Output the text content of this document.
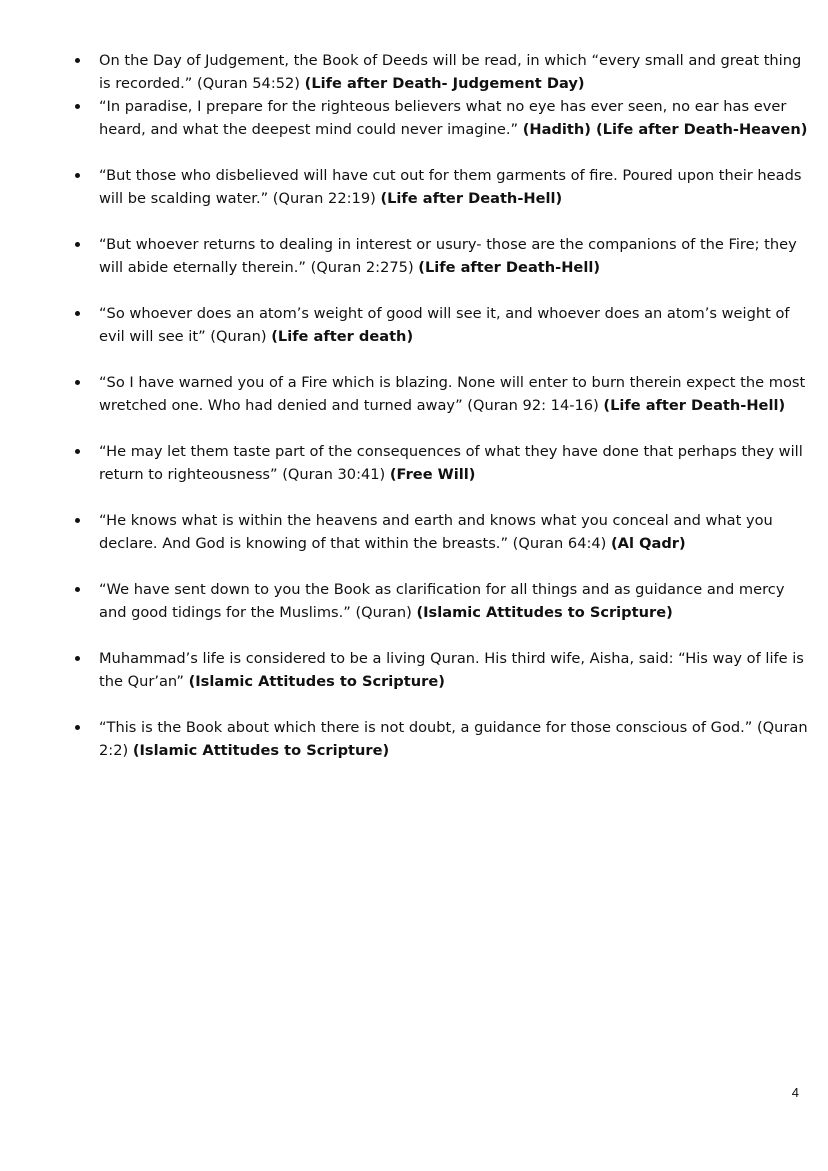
On the Day of Judgement, the Book of Deeds will be read, in which “every small and great thing is recorded.” (Quran 54:52) (Life after Death- Judgement Day)
“In paradise, I prepare for the righteous believers what no eye has ever seen, no ear has ever heard, and what the deepest mind could never imagine.” (Hadith) (Life after Death-Heaven)
“But those who disbelieved will have cut out for them garments of fire. Poured upon their heads will be scalding water.” (Quran 22:19) (Life after Death-Hell)
“But whoever returns to dealing in interest or usury- those are the companions of the Fire; they will abide eternally therein.” (Quran 2:275) (Life after Death-Hell)
“So whoever does an atom’s weight of good will see it, and whoever does an atom’s weight of evil will see it” (Quran) (Life after death)
“So I have warned you of a Fire which is blazing. None will enter to burn therein expect the most wretched one. Who had denied and turned away” (Quran 92: 14-16) (Life after Death-Hell)
“He may let them taste part of the consequences of what they have done that perhaps they will return to righteousness” (Quran 30:41) (Free Will)
“He knows what is within the heavens and earth and knows what you conceal and what you declare. And God is knowing of that within the breasts.” (Quran 64:4) (Al Qadr)
“We have sent down to you the Book as clarification for all things and as guidance and mercy and good tidings for the Muslims.” (Quran) (Islamic Attitudes to Scripture)
Muhammad’s life is considered to be a living Quran. His third wife, Aisha, said: “His way of life is the Qur’an” (Islamic Attitudes to Scripture)
“This is the Book about which there is not doubt, a guidance for those conscious of God.” (Quran 2:2) (Islamic Attitudes to Scripture)
4
